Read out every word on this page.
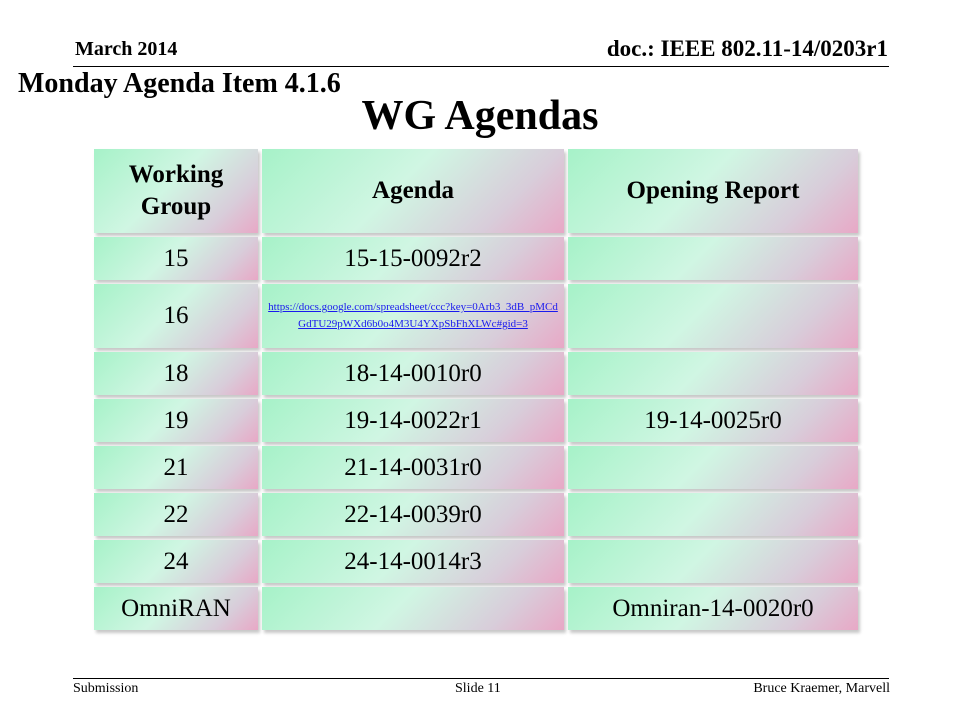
March 2014	doc.: IEEE 802.11-14/0203r1
Monday Agenda Item 4.1.6
WG Agendas
Working Group	Agenda	Opening Report
15	15-15-0092r2	
16	https://docs.google.com/spreadsheet/ccc?key=0Arb3_3dB_pMCdGdTU29pWXd6b0o4M3U4YXpSbFhXLWc#gid=3	

18	18-14-0010r0	
19	19-14-0022r1	19-14-0025r0
21	21-14-0031r0	
22	22-14-0039r0	
24	24-14-0014r3	
OmniRAN		Omniran-14-0020r0
Submission	Slide 11	Bruce Kraemer, Marvell
